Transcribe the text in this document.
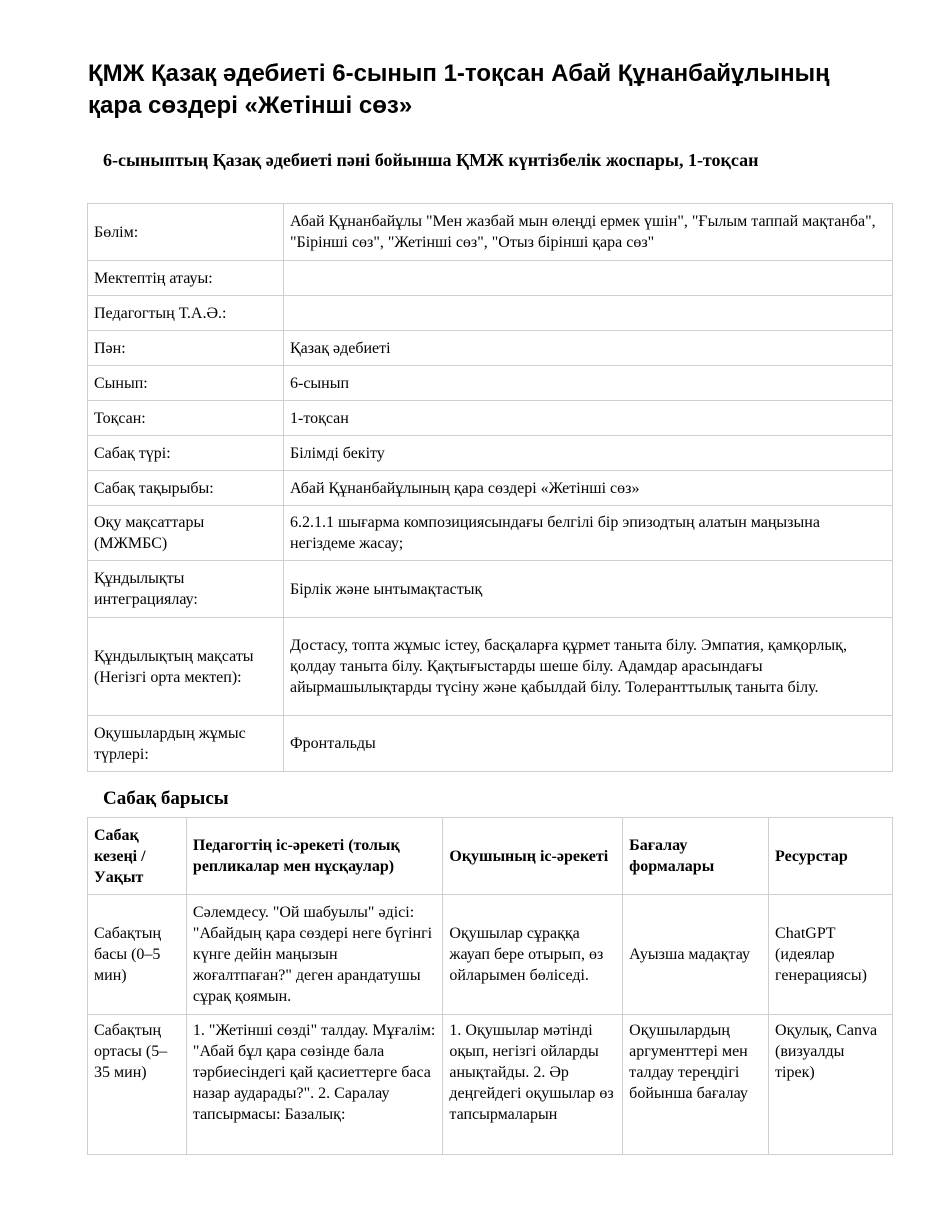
ҚМЖ Қазақ әдебиеті 6-сынып 1-тоқсан Абай Құнанбайұлының қара сөздері «Жетінші сөз»
6-сыныптың Қазақ әдебиеті пәні бойынша ҚМЖ күнтізбелік жоспары, 1-тоқсан
Бөлім:	Абай Құнанбайұлы "Мен жазбай мын өлеңді ермек үшін", "Ғылым таппай мақтанба", "Бірінші сөз", "Жетінші сөз", "Отыз бірінші қара сөз"
Мектептің атауы:	
Педагогтың Т.А.Ә.:	
Пән:	Қазақ әдебиеті
Сынып:	6-сынып
Тоқсан:	1-тоқсан
Сабақ түрі:	Білімді бекіту
Сабақ тақырыбы:	Абай Құнанбайұлының қара сөздері «Жетінші сөз»
Оқу мақсаттары (МЖМБС)	6.2.1.1 шығарма композициясындағы белгілі бір эпизодтың алатын маңызына негіздеме жасау;
Құндылықты интеграциялау:	Бірлік және ынтымақтастық
Құндылықтың мақсаты (Негізгі орта мектеп):	Достасу, топта жұмыс істеу, басқаларға құрмет таныта білу. Эмпатия, қамқорлық, қолдау таныта білу. Қақтығыстарды шеше білу. Адамдар арасындағы айырмашылықтарды түсіну және қабылдай білу. Толеранттылық таныта білу.
Оқушылардың жұмыс түрлері:	Фронтальды
Сабақ барысы
Сабақ кезеңі / Уақыт	Педагогтің іс-әрекеті (толық репликалар мен нұсқаулар)	Оқушының іс-әрекеті	Бағалау формалары	Ресурстар
Сабақтың басы (0–5 мин)	Сәлемдесу. "Ой шабуылы" әдісі: "Абайдың қара сөздері неге бүгінгі күнге дейін маңызын жоғалтпаған?" деген арандатушы сұрақ қоямын.	Оқушылар сұраққа жауап бере отырып, өз ойларымен бөліседі.	Ауызша мадақтау	ChatGPT (идеялар генерациясы)
Сабақтың ортасы (5–35 мин)	1. "Жетінші сөзді" талдау. Мұғалім: "Абай бұл қара сөзінде бала тәрбиесіндегі қай қасиеттерге баса назар аударады?". 2. Саралау тапсырмасы: Базалық:	1. Оқушылар мәтінді оқып, негізгі ойларды анықтайды. 2. Әр деңгейдегі оқушылар өз тапсырмаларын	Оқушылардың аргументтері мен талдау тереңдігі бойынша бағалау	Оқулық, Canva (визуалды тірек)
